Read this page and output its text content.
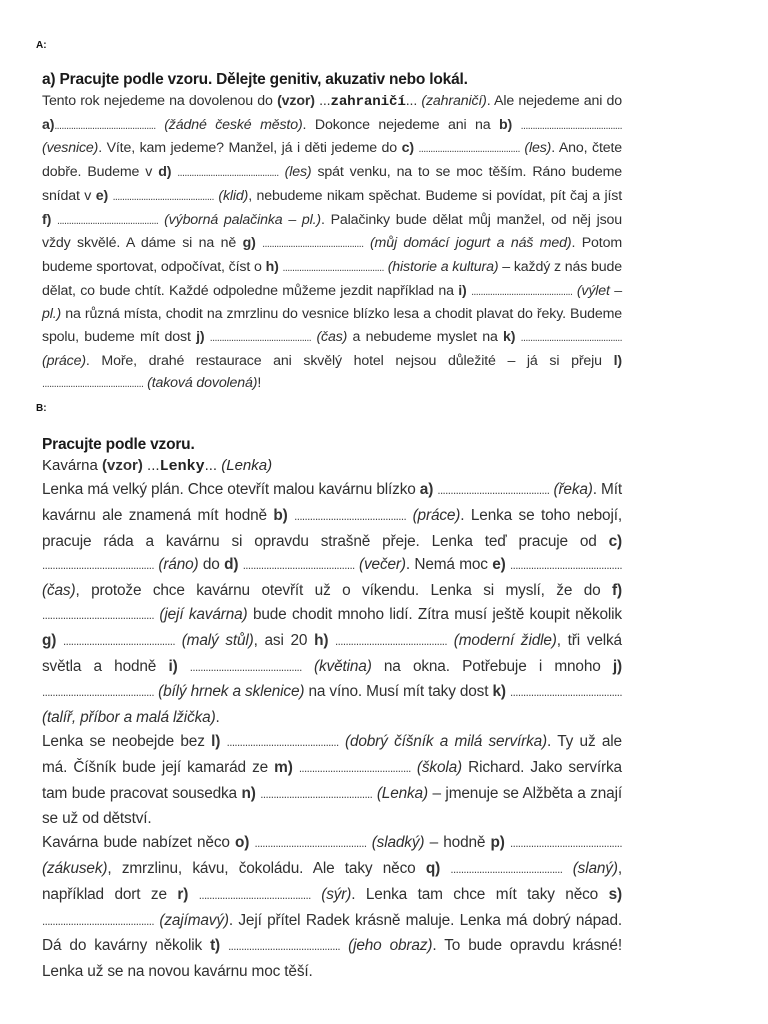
A:
a) Pracujte podle vzoru. Dělejte genitiv, akuzativ nebo lokál.
Tento rok nejedeme na dovolenou do (vzor) ...zahraničí... (zahraničí). Ale nejedeme ani do a)........................................... (žádné české město). Dokonce nejedeme ani na b) ........................................... (vesnice). Víte, kam jedeme? Manžel, já i děti jedeme do c) ........................................... (les). Ano, čtete dobře. Budeme v d) ........................................... (les) spát venku, na to se moc těším. Ráno budeme snídat v e) ........................................... (klid), nebudeme nikam spěchat. Budeme si povídat, pít čaj a jíst f) ........................................... (výborná palačinka – pl.). Palačinky bude dělat můj manžel, od něj jsou vždy skvělé. A dáme si na ně g) ........................................... (můj domácí jogurt a náš med). Potom budeme sportovat, odpočívat, číst o h) ........................................... (historie a kultura) – každý z nás bude dělat, co bude chtít. Každé odpoledne můžeme jezdit například na i) ........................................... (výlet – pl.) na různá místa, chodit na zmrzlinu do vesnice blízko lesa a chodit plavat do řeky. Budeme spolu, budeme mít dost j) ........................................... (čas) a nebudeme myslet na k) ........................................... (práce). Moře, drahé restaurace ani skvělý hotel nejsou důležité – já si přeju l) ........................................... (taková dovolená)!
B:
Pracujte podle vzoru.
Kavárna (vzor) ...Lenky... (Lenka)
Lenka má velký plán. Chce otevřít malou kavárnu blízko a) ........................................... (řeka). Mít kavárnu ale znamená mít hodně b) ........................................... (práce). Lenka se toho nebojí, pracuje ráda a kavárnu si opravdu strašně přeje. Lenka teď pracuje od c) ........................................... (ráno) do d) ........................................... (večer). Nemá moc e) ........................................... (čas), protože chce kavárnu otevřít už o víkendu. Lenka si myslí, že do f) ........................................... (její kavárna) bude chodit mnoho lidí. Zítra musí ještě koupit několik g) ........................................... (malý stůl), asi 20 h) ........................................... (moderní židle), tři velká světla a hodně i) ........................................... (květina) na okna. Potřebuje i mnoho j) ........................................... (bílý hrnek a sklenice) na víno. Musí mít taky dost k) ........................................... (talíř, příbor a malá lžička).
Lenka se neobejde bez l) ........................................... (dobrý číšník a milá servírka). Ty už ale má. Číšník bude její kamarád ze m) ........................................... (škola) Richard. Jako servírka tam bude pracovat sousedka n) ........................................... (Lenka) – jmenuje se Alžběta a znají se už od dětství.
Kavárna bude nabízet něco o) ........................................... (sladký) – hodně p) ........................................... (zákusek), zmrzlinu, kávu, čokoládu. Ale taky něco q) ........................................... (slaný), například dort ze r) ........................................... (sýr). Lenka tam chce mít taky něco s) ........................................... (zajímavý). Její přítel Radek krásně maluje. Lenka má dobrý nápad. Dá do kavárny několik t) ........................................... (jeho obraz). To bude opravdu krásné! Lenka už se na novou kavárnu moc těší.
